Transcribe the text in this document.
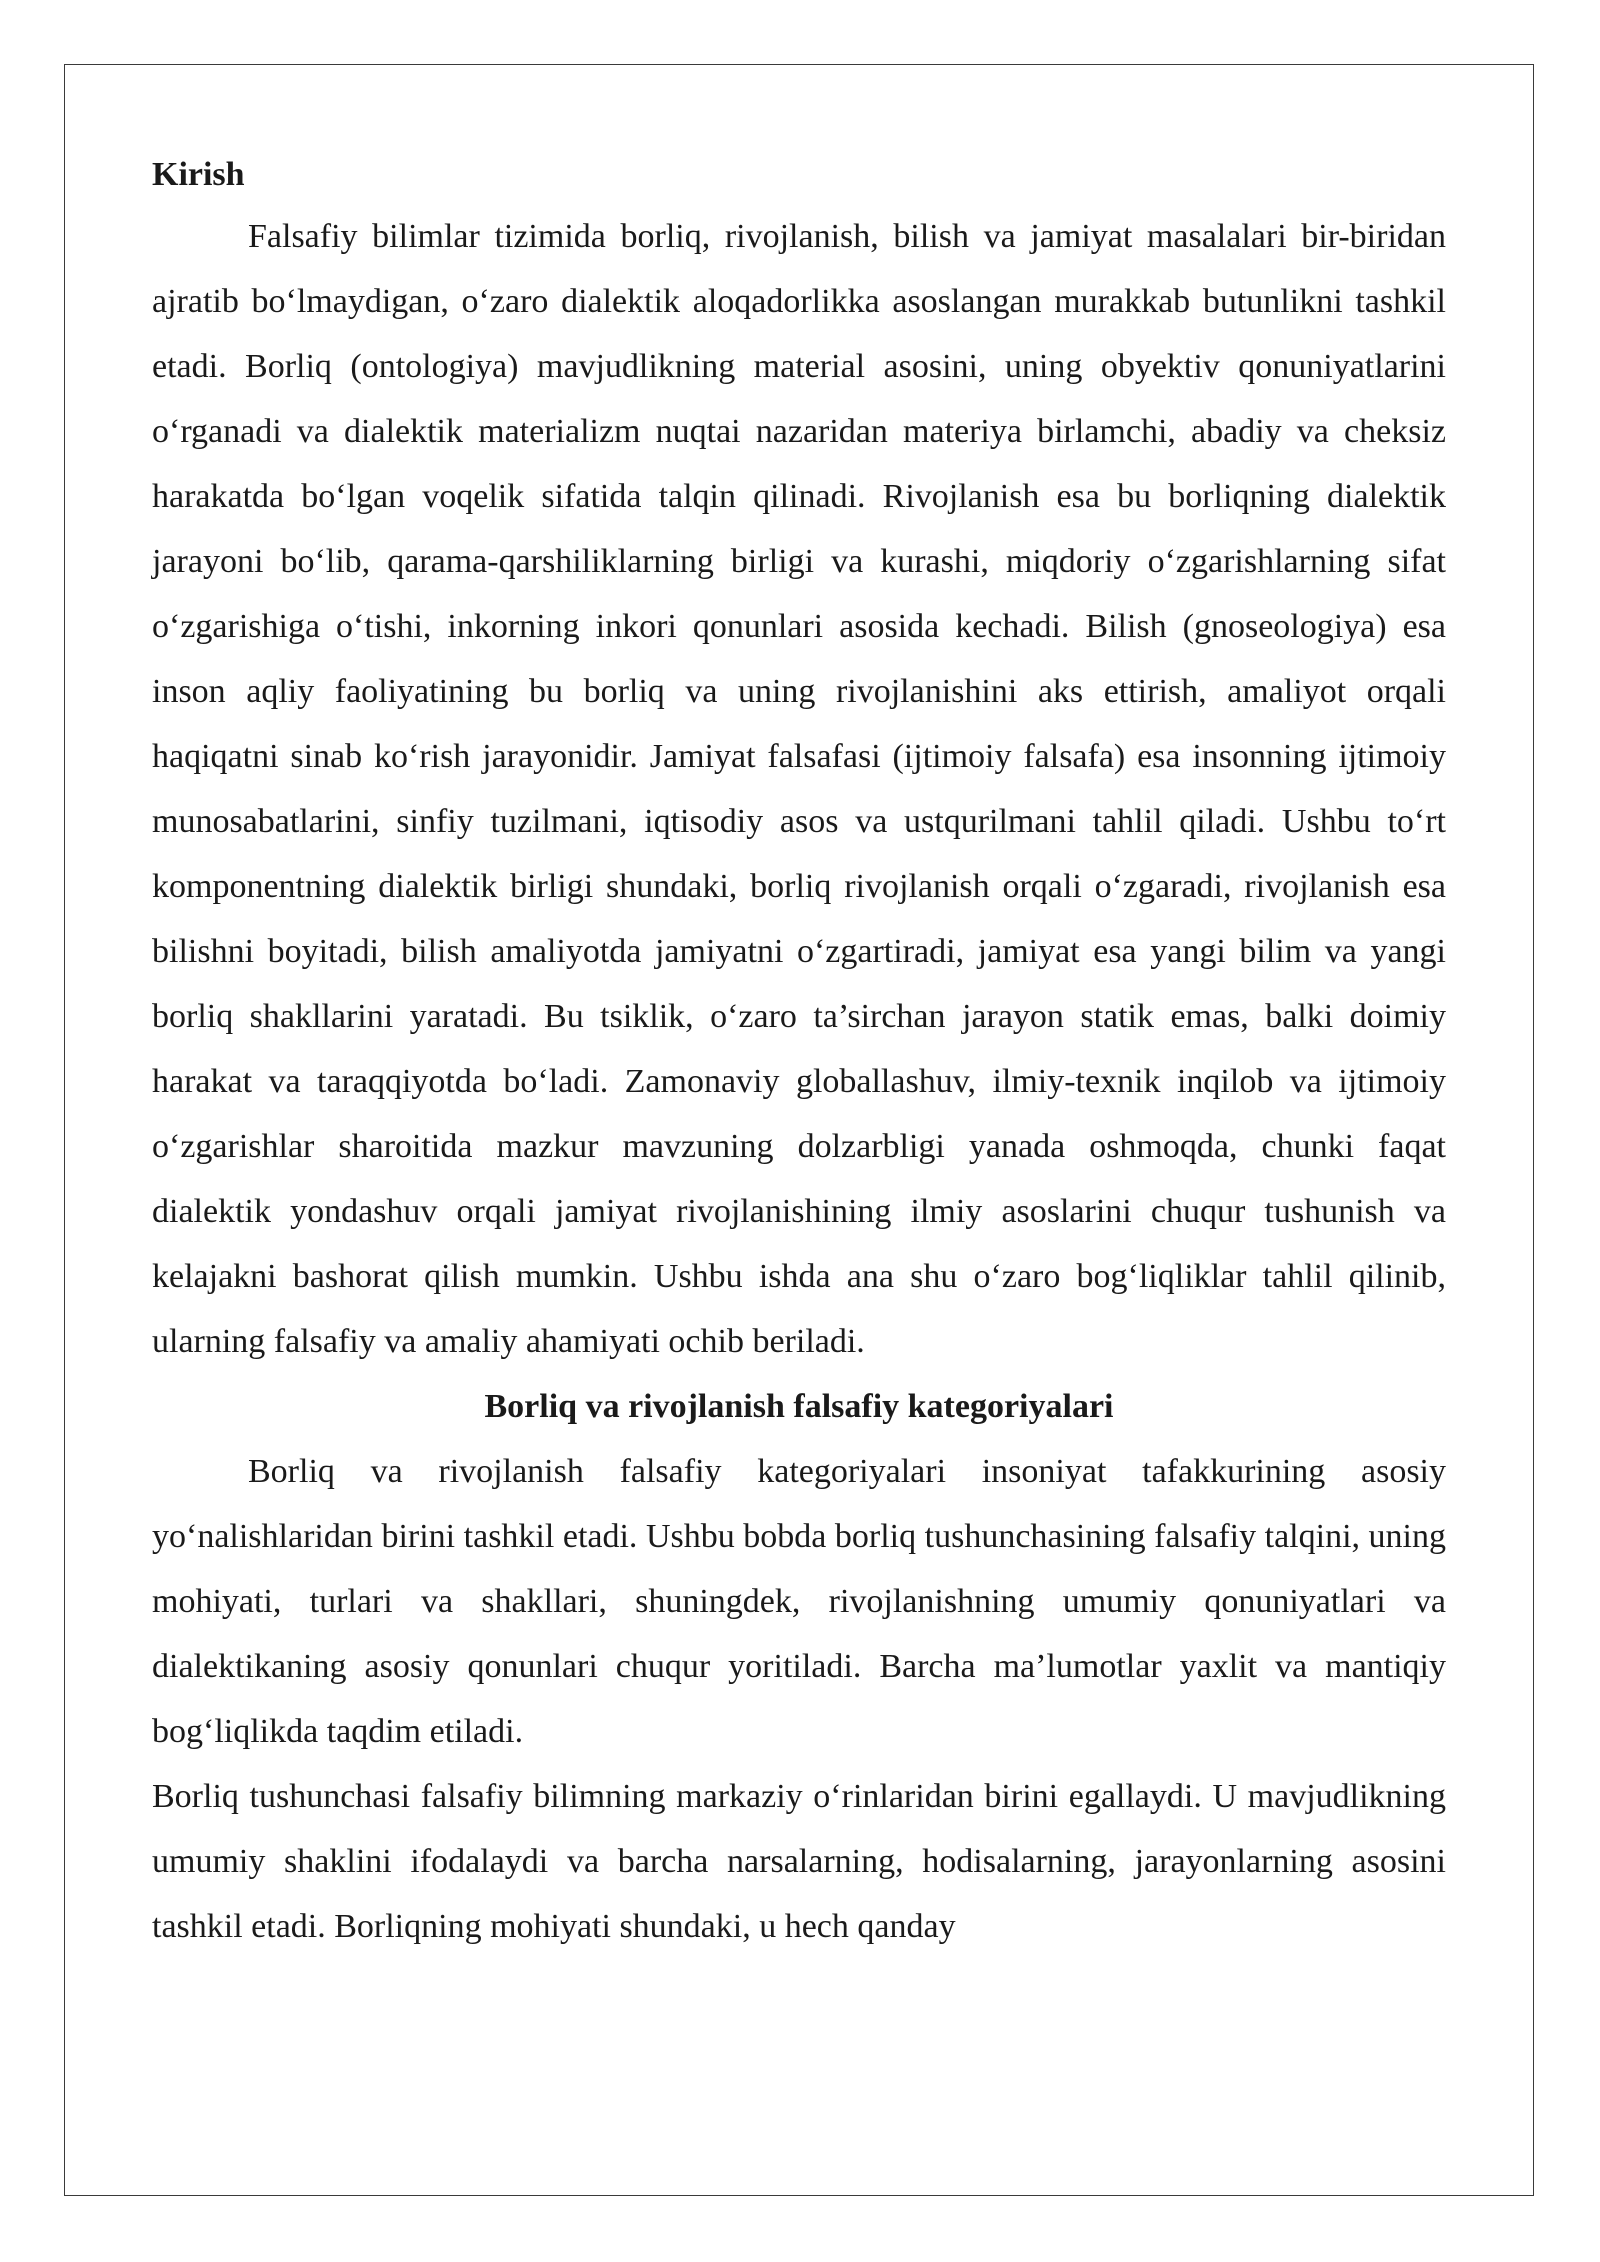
Kirish

Falsafiy bilimlar tizimida borliq, rivojlanish, bilish va jamiyat masalalari bir-biridan ajratib bo‘lmaydigan, o‘zaro dialektik aloqadorlikka asoslangan murakkab butunlikni tashkil etadi. Borliq (ontologiya) mavjudlikning material asosini, uning obyektiv qonuniyatlarini o‘rganadi va dialektik materializm nuqtai nazaridan materiya birlamchi, abadiy va cheksiz harakatda bo‘lgan voqelik sifatida talqin qilinadi. Rivojlanish esa bu borliqning dialektik jarayoni bo‘lib, qarama-qarshiliklarning birligi va kurashi, miqdoriy o‘zgarishlarning sifat o‘zgarishiga o‘tishi, inkorning inkori qonunlari asosida kechadi. Bilish (gnoseologiya) esa inson aqliy faoliyatining bu borliq va uning rivojlanishini aks ettirish, amaliyot orqali haqiqatni sinab ko‘rish jarayonidir. Jamiyat falsafasi (ijtimoiy falsafa) esa insonning ijtimoiy munosabatlarini, sinfiy tuzilmani, iqtisodiy asos va ustqurilmani tahlil qiladi. Ushbu to‘rt komponentning dialektik birligi shundaki, borliq rivojlanish orqali o‘zgaradi, rivojlanish esa bilishni boyitadi, bilish amaliyotda jamiyatni o‘zgartiradi, jamiyat esa yangi bilim va yangi borliq shakllarini yaratadi. Bu tsiklik, o‘zaro ta’sirchan jarayon statik emas, balki doimiy harakat va taraqqiyotda bo‘ladi. Zamonaviy globallashuv, ilmiy-texnik inqilob va ijtimoiy o‘zgarishlar sharoitida mazkur mavzuning dolzarbligi yanada oshmoqda, chunki faqat dialektik yondashuv orqali jamiyat rivojlanishining ilmiy asoslarini chuqur tushunish va kelajakni bashorat qilish mumkin. Ushbu ishda ana shu o‘zaro bog‘liqliklar tahlil qilinib, ularning falsafiy va amaliy ahamiyati ochib beriladi.

Borliq va rivojlanish falsafiy kategoriyalari

Borliq va rivojlanish falsafiy kategoriyalari insoniyat tafakkurining asosiy yo‘nalishlaridan birini tashkil etadi. Ushbu bobda borliq tushunchasining falsafiy talqini, uning mohiyati, turlari va shakllari, shuningdek, rivojlanishning umumiy qonuniyatlari va dialektikaning asosiy qonunlari chuqur yoritiladi. Barcha ma’lumotlar yaxlit va mantiqiy bog‘liqlikda taqdim etiladi.

Borliq tushunchasi falsafiy bilimning markaziy o‘rinlaridan birini egallaydi. U mavjudlikning umumiy shaklini ifodalaydi va barcha narsalarning, hodisalarning, jarayonlarning asosini tashkil etadi. Borliqning mohiyati shundaki, u hech qanday
